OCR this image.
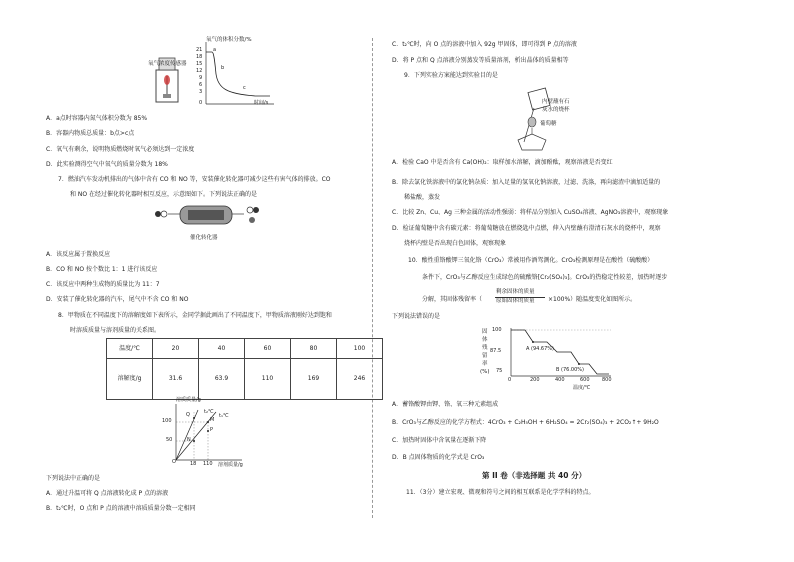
氧气浓度传感器
氧气的体积分数/%
21
18
15
12
9
6
3
0
a
b
c
时间/s
A．a点时容器内氮气体积分数为 85%
B．容器内物质总质量：b点>c点
C．氧气有剩余，说明物质燃烧时氧气必须达到一定浓度
D．此实验测得空气中氧气的质量分数为 18%
7．燃油汽车发动机排出的气体中含有 CO 和 NO 等，安装催化转化器可减少这些有害气体的排放。CO
和 NO 在经过催化转化器时相互反应，示意图如下。下列说法正确的是
催化转化器
A．该反应属于置换反应
B．CO 和 NO 按个数比 1：1 进行该反应
C．该反应中两种生成物的质量比为 11：7
D．安装了催化转化器的汽车，尾气中不含 CO 和 NO
8．甲物质在不同温度下的溶解度如下表所示，金同学据此画出了不同温度下，甲物质溶液刚好达到饱和
时溶质质量与溶剂质量的关系图。
温度/℃	20	40	60	80	100
溶解度/g	31.6	63.9	110	169	246
溶质质量/g
t₂℃
t₁℃
Q
M
N
P
O
100
50
18 110 溶剂质量/g
下列说法中正确的是
A．通过升温可将 Q 点溶液转化成 P 点的溶液
B．t₂℃时，O 点和 P 点的溶液中溶质质量分数一定相同
C．t₂℃时，向 O 点的溶液中加入 92g 甲固体，即可得到 P 点的溶液
D．将 P 点和 Q 点溶液分别蒸发等质量溶剂，析出晶体的质量相等
9．下列实验方案能达到实验目的是
内壁蘸有石
灰水的烧杯
葡萄糖
A．检验 CaO 中是否含有 Ca(OH)₂：取样加水溶解，滴加酚酞，观察溶液是否变红
B．除去氯化铁溶液中的氯化钠杂质：加入足量的氢氧化钠溶液，过滤、洗涤，再向滤渣中滴加适量的
稀盐酸，蒸发
C．比较 Zn、Cu、Ag 三种金属的活动性强弱：将样品分别加入 CuSO₄溶液、AgNO₃溶液中，观察现象
D．检证葡萄糖中含有碳元素：将葡萄糖放在燃烧匙中点燃，伸入内壁蘸有澄清石灰水的烧杯中，观察
烧杯内壁是否出现白色固体，观察现象
10．酸性重铬酸钾三氧化铬（CrO₃）常被用作酒驾测化。CrO₃检测原理是在酸性（硫酸酸）
条件下，CrO₃与乙醇反应生成绿色的硫酸铬[Cr₂(SO₄)₃]。CrO₃的热稳定性较差，加热时逐步
分解，其固体残留率（
剩余固体的质量
原始固体的质量 ×100%）随温度变化如图所示。
下列说法错误的是
固
体
残
留
率
(%)
100
87.5
75
0	200	400	600 800
温度/℃
A (94.67%)
B (76.00%)
A．蓄铬酸钾由钾、铬、氧三种元素组成
B．CrO₃与乙醇反应的化学方程式：4CrO₃ + C₂H₅OH + 6H₂SO₄ = 2Cr₂(SO₄)₃ + 2CO₂↑+ 9H₂O
C．加热时固体中含氧量在逐渐下降
D．B 点固体物质的化学式是 CrO₃
第 II 卷（非选择题 共 40 分）
11．（3分）建立宏观、微观和符号之间的相互联系是化学学科的特点。
